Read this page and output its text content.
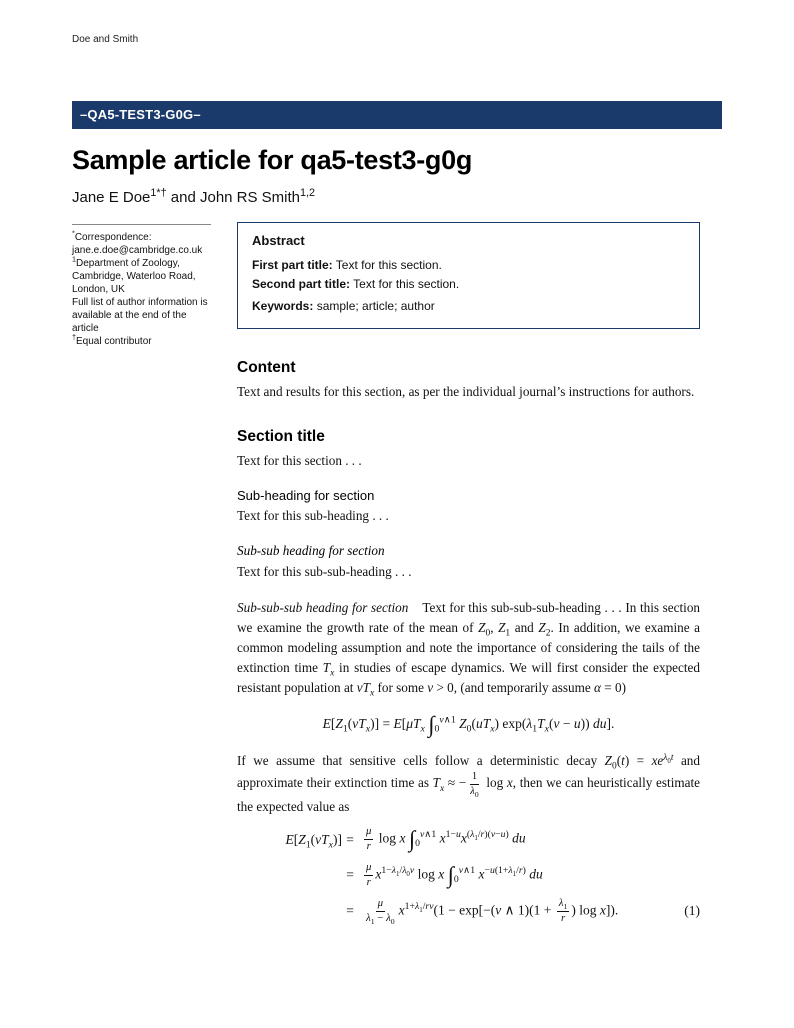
Doe and Smith
–QA5-TEST3-G0G–
Sample article for qa5-test3-g0g
Jane E Doe$^{1*\dagger}$ and John RS Smith$^{1,2}$
*Correspondence:
jane.e.doe@cambridge.co.uk
$^1$Department of Zoology,
Cambridge, Waterloo Road,
London, UK
Full list of author information is
available at the end of the article
†Equal contributor
Abstract
First part title: Text for this section.
Second part title: Text for this section.
Keywords: sample; article; author
Content

Text and results for this section, as per the individual journal’s instructions for authors.

Section title

Text for this section . . .

Sub-heading for section

Text for this sub-heading . . .

Sub-sub heading for section

Text for this sub-sub-heading . . .

Sub-sub-sub heading for section Text for this sub-sub-sub-heading . . . In this section we examine the growth rate of the mean of $Z_0$, $Z_1$ and $Z_2$. In addition, we examine a common modeling assumption and note the importance of considering the tails of the extinction time $T_x$ in studies of escape dynamics. We will first consider the expected resistant population at $vT_x$ for some v > 0, (and temporarily assume α = 0)

$E[Z_1(vT_x)] = E[\mu T_x$ $\int_0^{v\wedge 1}$ $Z_0(uT_x) \exp(\lambda_1T_x(v - u))$ du].

If we assume that sensitive cells follow a deterministic decay $Z_0(t) = xe^{\lambda_0t}$ and approximate their extinction time as $T_x$ ≈ − $\frac{1}{\lambda_0}$ log x, then we can heuristically estimate the expected value as

$E[Z_1(vT_x)] = \frac{\mu}{r}$ log x $\int_0^{v\wedge 1}$ $x^{1-u}x^{(\lambda_1/r)(v-u)}$ du
= $\frac{\mu}{r} x^{1-\lambda_1/\lambda_0v}$ log x $\int_0^{v\wedge 1}$ $x^{-u(1+\lambda_1/r)}$ du
= $\frac{\mu}{\lambda_1 - \lambda_0} x^{1+\lambda_1/rv}(1 - \exp[-(v$ ∧ $1)(1 + \frac{\lambda_1}{r}$ ) log x]).	(1)
